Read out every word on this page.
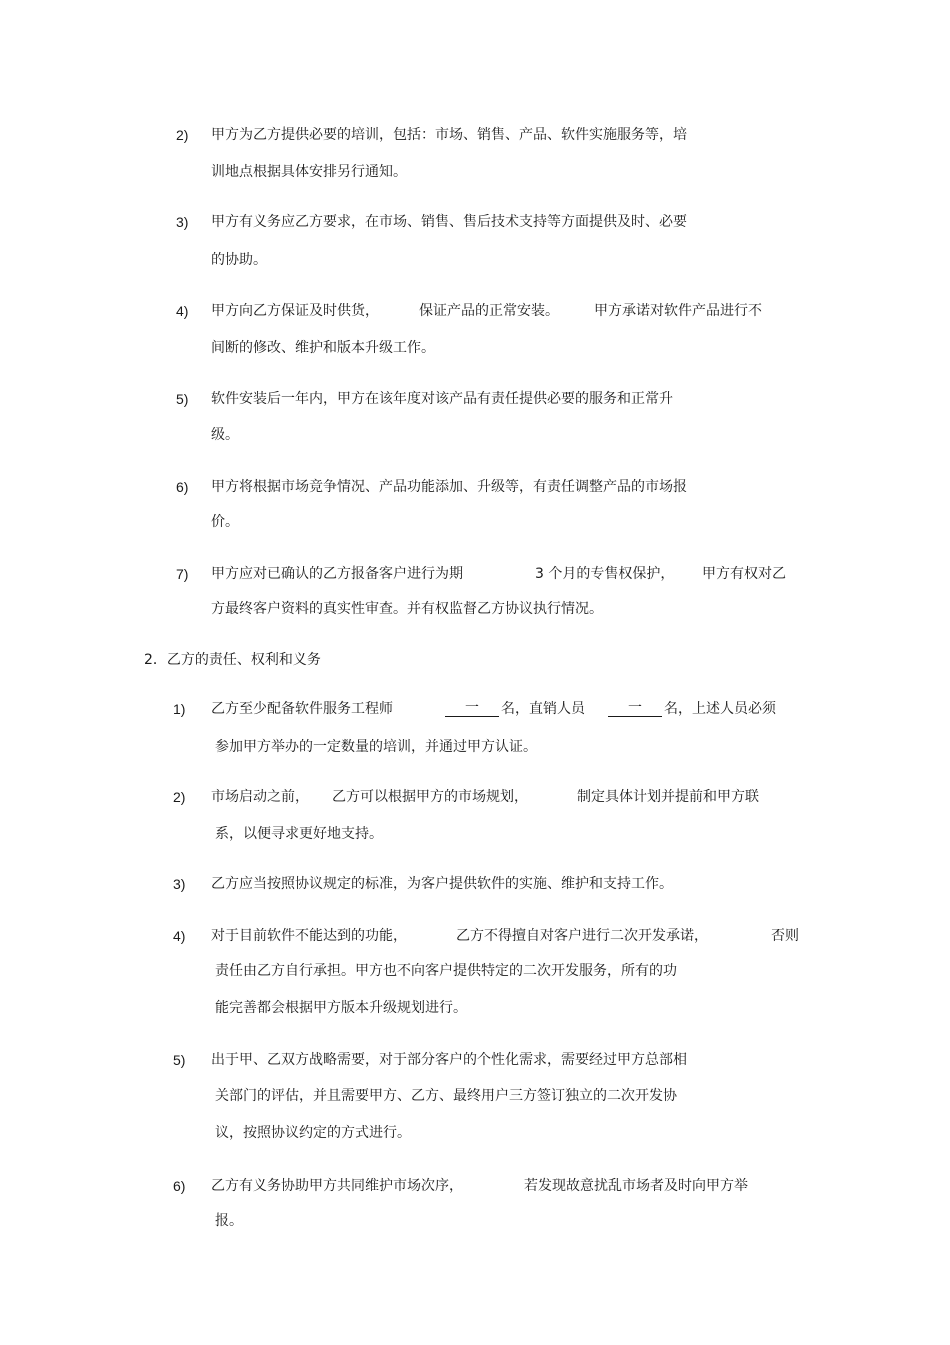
2) 甲方为乙方提供必要的培训，包括：市场、销售、产品、软件实施服务等，培
训地点根据具体安排另行通知。
3) 甲方有义务应乙方要求，在市场、销售、售后技术支持等方面提供及时、必要
的协助。
4) 甲方向乙方保证及时供货，	保证产品的正常安装。	甲方承诺对软件产品进行不
间断的修改、维护和版本升级工作。
5) 软件安装后一年内，甲方在该年度对该产品有责任提供必要的服务和正常升
级。
6) 甲方将根据市场竞争情况、产品功能添加、升级等，有责任调整产品的市场报
价。
7) 甲方应对已确认的乙方报备客户进行为期	3 个月的专售权保护， 甲方有权对乙
方最终客户资料的真实性审查。并有权监督乙方协议执行情况。
2．乙方的责任、权利和义务
1) 乙方至少配备软件服务工程师	一	名，直销人员	一	名，上述人员必须
参加甲方举办的一定数量的培训，并通过甲方认证。
2) 市场启动之前， 乙方可以根据甲方的市场规划，	制定具体计划并提前和甲方联
系，以便寻求更好地支持。
3) 乙方应当按照协议规定的标准，为客户提供软件的实施、维护和支持工作。
4) 对于目前软件不能达到的功能，	乙方不得擅自对客户进行二次开发承诺，	否则
责任由乙方自行承担。甲方也不向客户提供特定的二次开发服务，所有的功
能完善都会根据甲方版本升级规划进行。
5) 出于甲、乙双方战略需要，对于部分客户的个性化需求，需要经过甲方总部相
关部门的评估，并且需要甲方、乙方、最终用户三方签订独立的二次开发协
议，按照协议约定的方式进行。
6) 乙方有义务协助甲方共同维护市场次序，	若发现故意扰乱市场者及时向甲方举
报。
